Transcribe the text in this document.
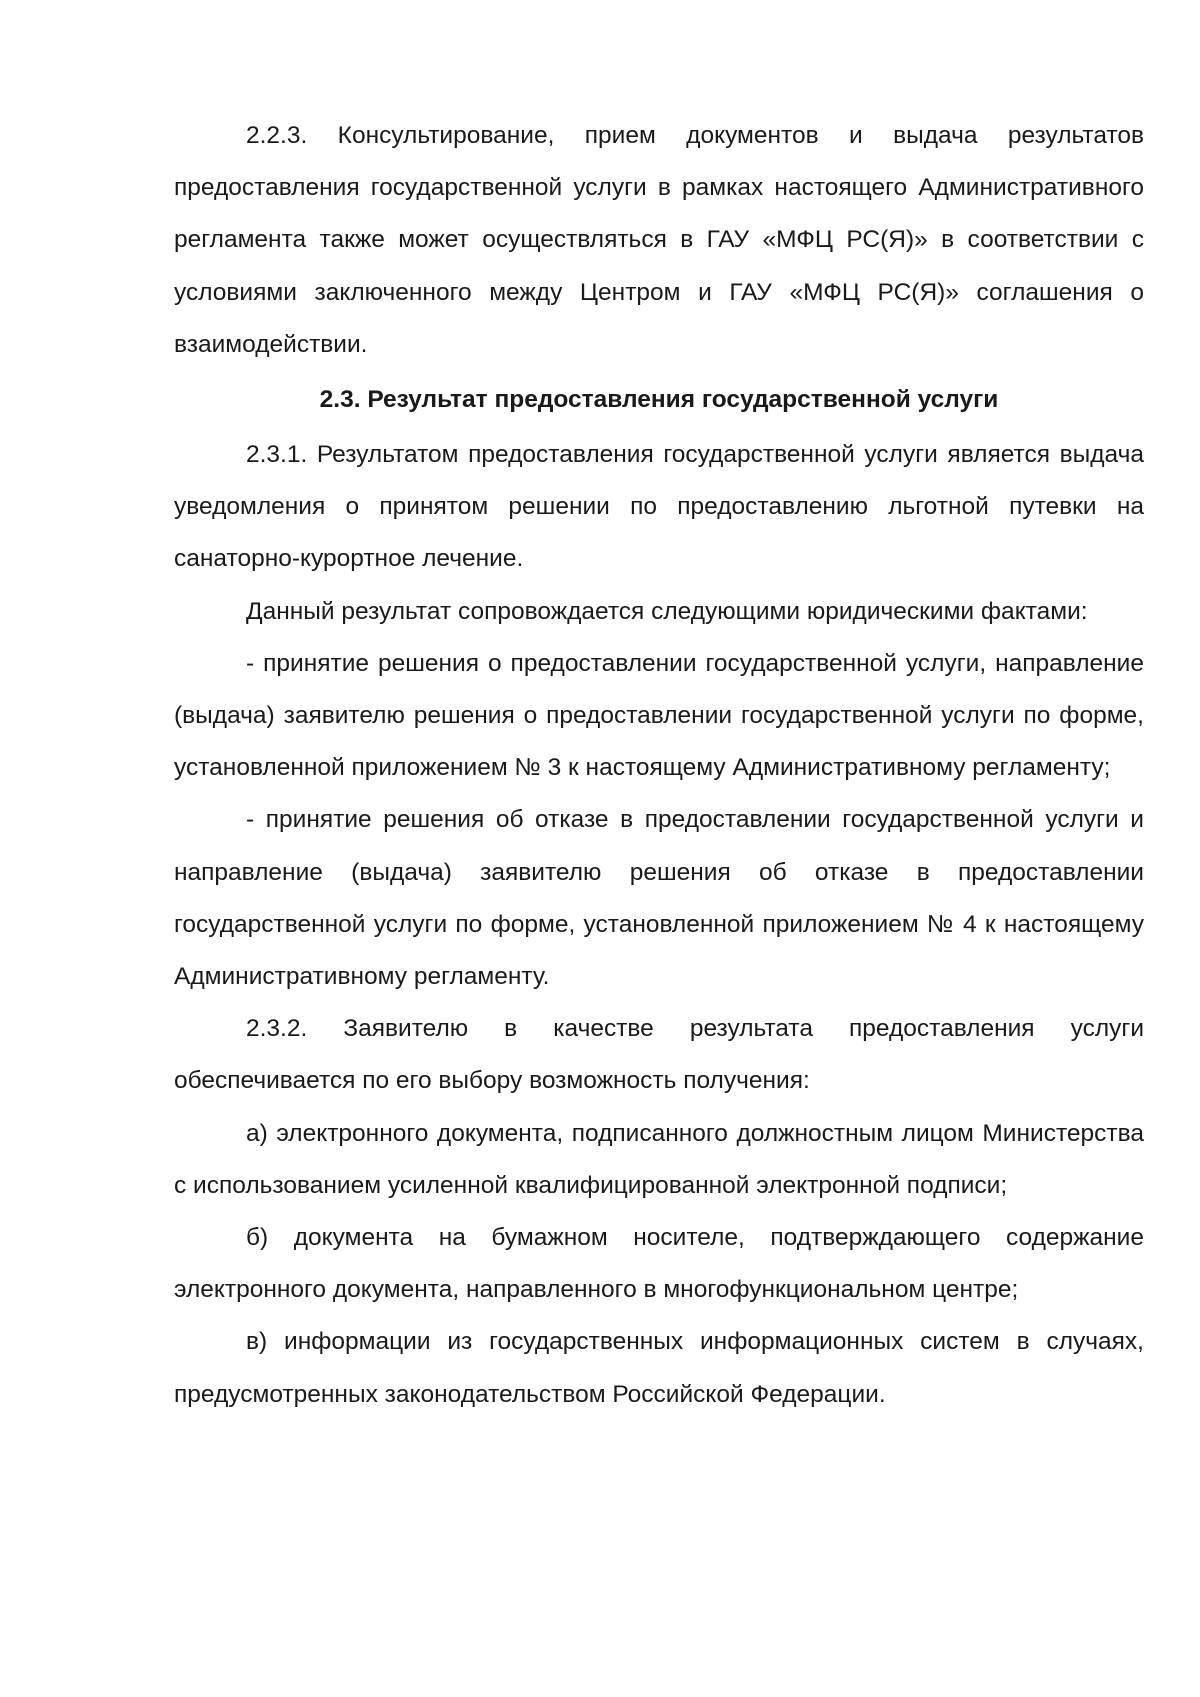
2.2.3. Консультирование, прием документов и выдача результатов предоставления государственной услуги в рамках настоящего Административного регламента также может осуществляться в ГАУ «МФЦ РС(Я)» в соответствии с условиями заключенного между Центром и ГАУ «МФЦ РС(Я)» соглашения о взаимодействии.

2.3. Результат предоставления государственной услуги

2.3.1. Результатом предоставления государственной услуги является выдача уведомления о принятом решении по предоставлению льготной путевки на санаторно-курортное лечение.

Данный результат сопровождается следующими юридическими фактами:

- принятие решения о предоставлении государственной услуги, направление (выдача) заявителю решения о предоставлении государственной услуги по форме, установленной приложением № 3 к настоящему Административному регламенту;

- принятие решения об отказе в предоставлении государственной услуги и направление (выдача) заявителю решения об отказе в предоставлении государственной услуги по форме, установленной приложением № 4 к настоящему Административному регламенту.

2.3.2. Заявителю в качестве результата предоставления услуги обеспечивается по его выбору возможность получения:

а) электронного документа, подписанного должностным лицом Министерства с использованием усиленной квалифицированной электронной подписи;

б) документа на бумажном носителе, подтверждающего содержание электронного документа, направленного в многофункциональном центре;

в) информации из государственных информационных систем в случаях, предусмотренных законодательством Российской Федерации.
